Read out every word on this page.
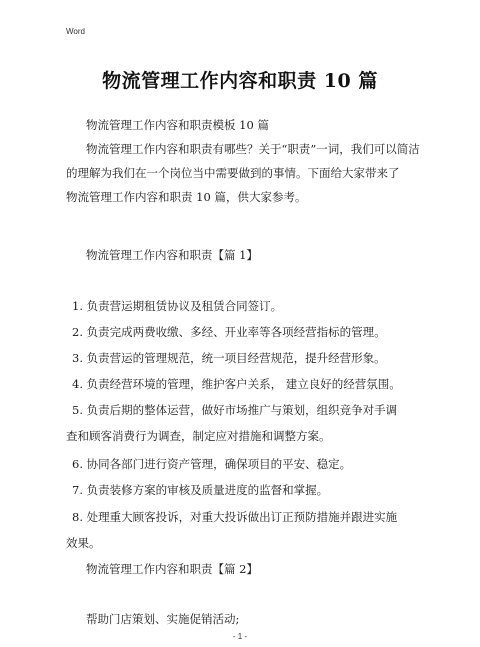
Word
物流管理工作内容和职责 10 篇
物流管理工作内容和职责模板 10 篇
物流管理工作内容和职责有哪些？关于“职责”一词，我们可以简洁
的理解为我们在一个岗位当中需要做到的事情。下面给大家带来了
物流管理工作内容和职责 10 篇，供大家参考。
物流管理工作内容和职责【篇 1】
1. 负责营运期租赁协议及租赁合同签订。
2. 负责完成两费收缴、多经、开业率等各项经营指标的管理。
3. 负责营运的管理规范，统一项目经营规范，提升经营形象。
4. 负责经营环境的管理，维护客户关系， 建立良好的经营氛围。
5. 负责后期的整体运营，做好市场推广与策划，组织竞争对手调
查和顾客消费行为调查，制定应对措施和调整方案。
6. 协同各部门进行资产管理，确保项目的平安、稳定。
7. 负责装修方案的审核及质量进度的监督和掌握。
8. 处理重大顾客投诉，对重大投诉做出订正预防措施并跟进实施
效果。
物流管理工作内容和职责【篇 2】
帮助门店策划、实施促销活动;
- 1 -
